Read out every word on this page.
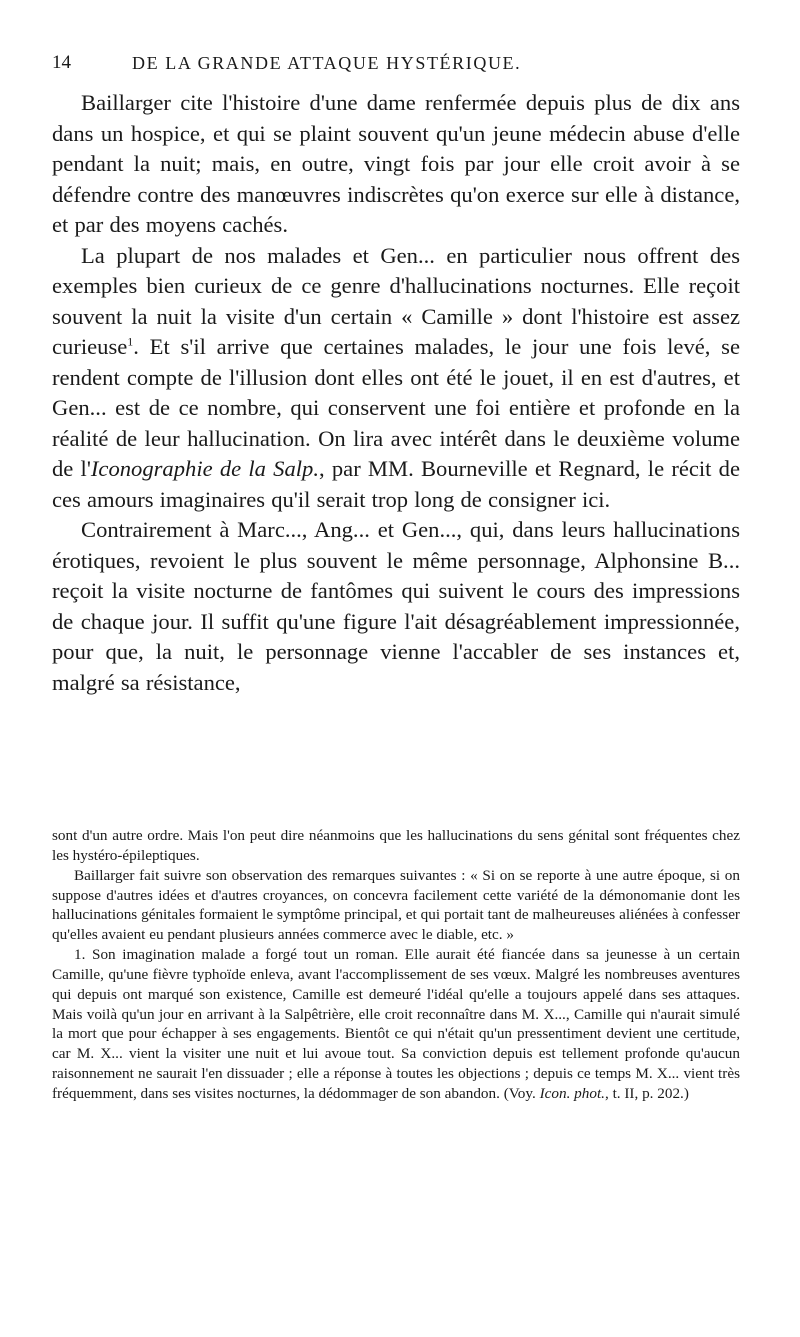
14	DE LA GRANDE ATTAQUE HYSTÉRIQUE.

Baillarger cite l'histoire d'une dame renfermée depuis plus de dix ans dans un hospice, et qui se plaint souvent qu'un jeune médecin abuse d'elle pendant la nuit; mais, en outre, vingt fois par jour elle croit avoir à se défendre contre des manœuvres indiscrètes qu'on exerce sur elle à distance, et par des moyens cachés.

La plupart de nos malades et Gen... en particulier nous offrent des exemples bien curieux de ce genre d'hallucinations nocturnes. Elle reçoit souvent la nuit la visite d'un certain « Camille » dont l'histoire est assez curieuse$^1$. Et s'il arrive que certaines malades, le jour une fois levé, se rendent compte de l'illusion dont elles ont été le jouet, il en est d'autres, et Gen... est de ce nombre, qui conservent une foi entière et profonde en la réalité de leur hallucination. On lira avec intérêt dans le deuxième volume de l'Iconographie de la Salp., par MM. Bourneville et Regnard, le récit de ces amours imaginaires qu'il serait trop long de consigner ici.

Contrairement à Marc..., Ang... et Gen..., qui, dans leurs hallucinations érotiques, revoient le plus souvent le même personnage, Alphonsine B... reçoit la visite nocturne de fantômes qui suivent le cours des impressions de chaque jour. Il suffit qu'une figure l'ait désagréablement impressionnée, pour que, la nuit, le personnage vienne l'accabler de ses instances et, malgré sa résistance,

sont d'un autre ordre. Mais l'on peut dire néanmoins que les hallucinations du sens génital sont fréquentes chez les hystéro-épileptiques.

Baillarger fait suivre son observation des remarques suivantes : « Si on se reporte à une autre époque, si on suppose d'autres idées et d'autres croyances, on concevra facilement cette variété de la démonomanie dont les hallucinations génitales formaient le symptôme principal, et qui portait tant de malheureuses aliénées à confesser qu'elles avaient eu pendant plusieurs années commerce avec le diable, etc. »

1. Son imagination malade a forgé tout un roman. Elle aurait été fiancée dans sa jeunesse à un certain Camille, qu'une fièvre typhoïde enleva, avant l'accomplissement de ses vœux. Malgré les nombreuses aventures qui depuis ont marqué son existence, Camille est demeuré l'idéal qu'elle a toujours appelé dans ses attaques. Mais voilà qu'un jour en arrivant à la Salpêtrière, elle croit reconnaître dans M. X..., Camille qui n'aurait simulé la mort que pour échapper à ses engagements. Bientôt ce qui n'était qu'un pressentiment devient une certitude, car M. X... vient la visiter une nuit et lui avoue tout. Sa conviction depuis est tellement profonde qu'aucun raisonnement ne saurait l'en dissuader ; elle a réponse à toutes les objections ; depuis ce temps M. X... vient très fréquemment, dans ses visites nocturnes, la dédommager de son abandon. (Voy. Icon. phot., t. II, p. 202.)
